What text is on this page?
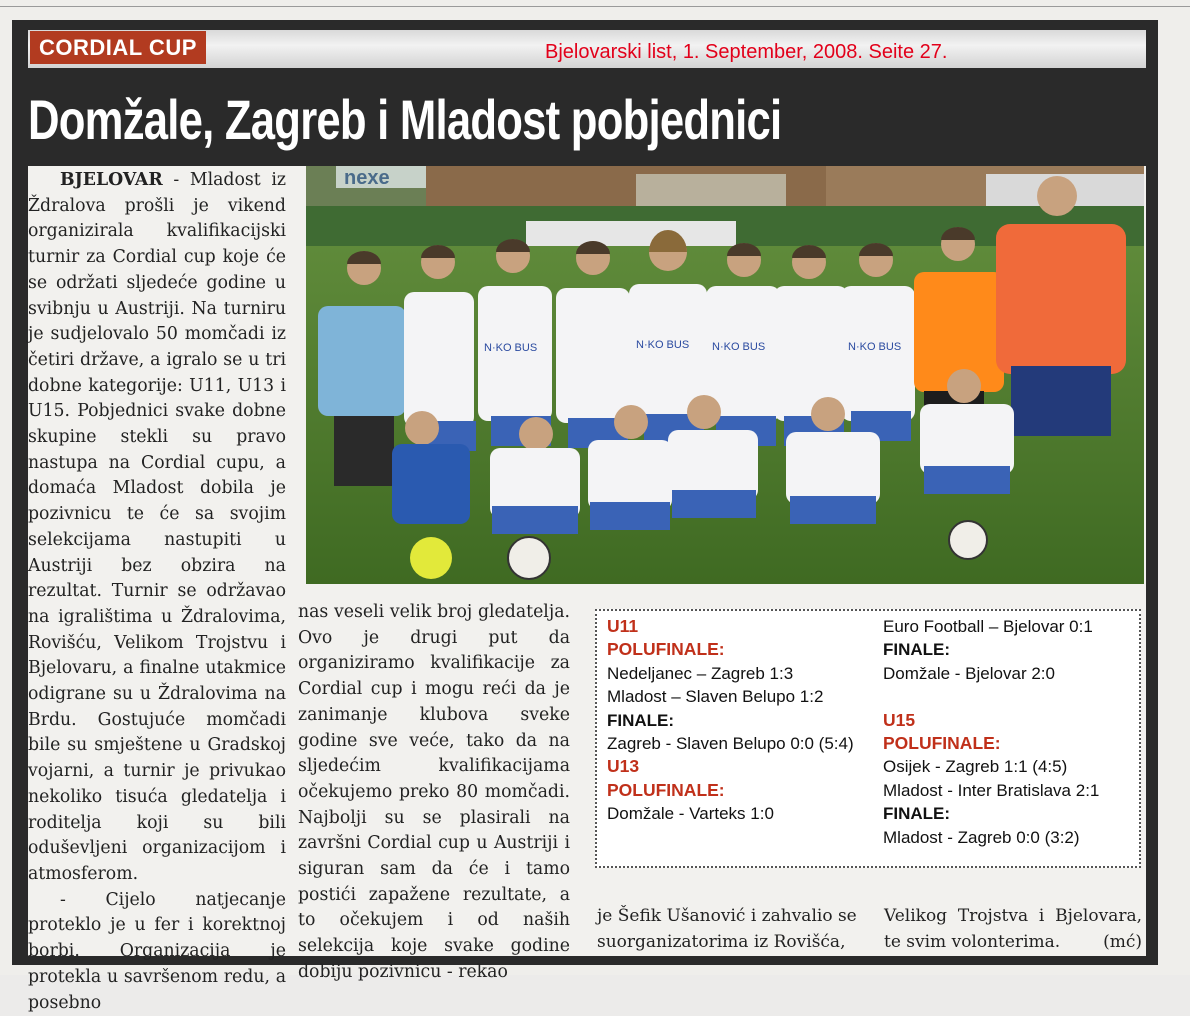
CORDIAL CUP	Bjelovarski list, 1. September, 2008. Seite 27.
Domžale, Zagreb i Mladost pobjednici

BJELOVAR - Mladost iz Ždralova prošli je vikend organizirala kvalifikacijski turnir za Cordial cup koje će se održati sljedeće godine u svibnju u Austriji. Na turniru je sudjelovalo 50 momčadi iz četiri države, a igralo se u tri dobne kategorije: U11, U13 i U15. Pobjednici svake dobne skupine stekli su pravo nastupa na Cordial cupu, a domaća Mladost dobila je pozivnicu te će sa svojim selekcijama nastupiti u Austriji bez obzira na rezultat. Turnir se održavao na igralištima u Ždralovima, Rovišću, Velikom Trojstvu i Bjelovaru, a finalne utakmice odigrane su u Ždralovima na Brdu. Gostujuće momčadi bile su smještene u Gradskoj vojarni, a turnir je privukao nekoliko tisuća gledatelja i roditelja koji su bili oduševljeni organizacijom i atmosferom.

- Cijelo natjecanje proteklo je u fer i korektnoj borbi. Organizacija je protekla u savršenom redu, a posebno

nexe
N·KO BUS	N·KO BUS N·KO BUS	N·KO BUS

nas veseli velik broj gledatelja. Ovo je drugi put da organiziramo kvalifikacije za Cordial cup i mogu reći da je zanimanje klubova sveke godine sve veće, tako da na sljedećim kvalifikacijama očekujemo preko 80 momčadi. Najbolji su se plasirali na završni Cordial cup u Austriji i siguran sam da će i tamo postići zapažene rezultate, a to očekujem i od naših selekcija koje svake godine dobiju pozivnicu - rekao

U11
POLUFINALE:
Nedeljanec – Zagreb 1:3
Mladost – Slaven Belupo 1:2
FINALE:
Zagreb - Slaven Belupo 0:0 (5:4)
U13
POLUFINALE:
Domžale - Varteks 1:0
Euro Football – Bjelovar 0:1
FINALE:
Domžale - Bjelovar 2:0

U15
POLUFINALE:
Osijek - Zagreb 1:1 (4:5)
Mladost - Inter Bratislava 2:1
FINALE:
Mladost - Zagreb 0:0 (3:2)
je Šefik Ušanović i zahvalio se suorganizatorima iz Rovišća,
Velikog Trojstva i Bjelovara, te svim volonterima.	(mć)
